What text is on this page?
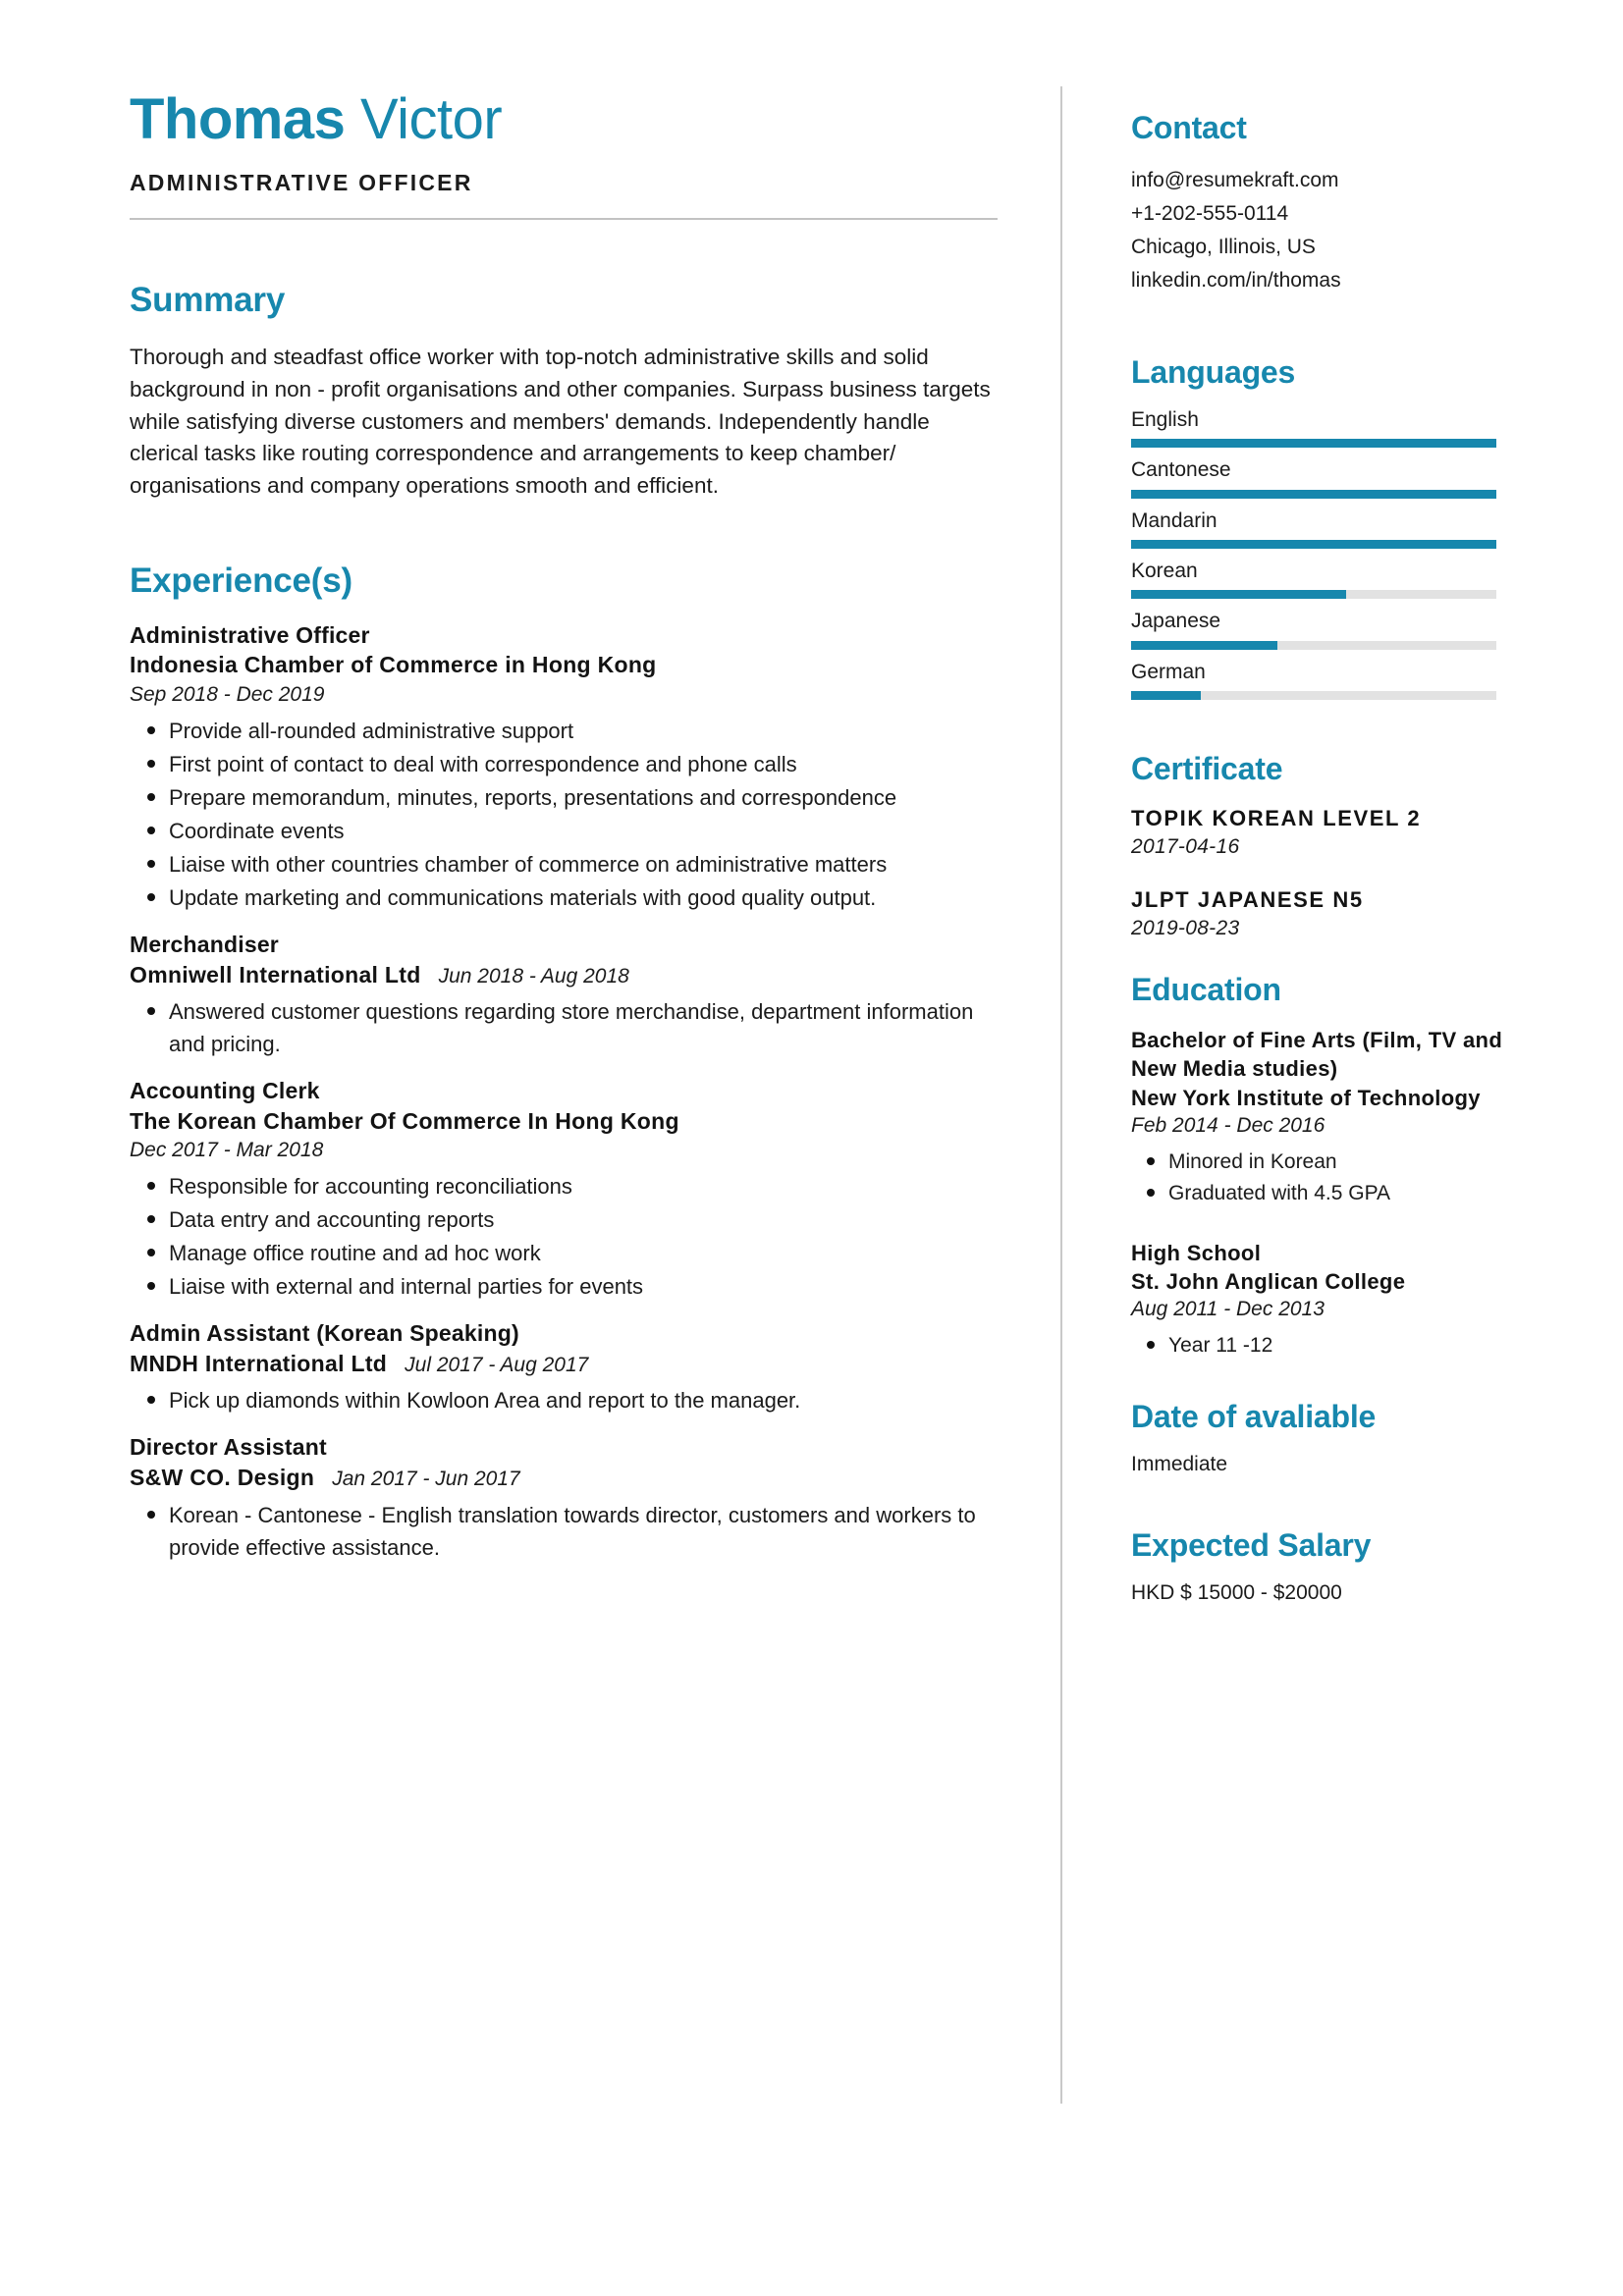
Thomas Victor
ADMINISTRATIVE OFFICER
Summary
Thorough and steadfast office worker with top-notch administrative skills and solid background in non - profit organisations and other companies. Surpass business targets while satisfying diverse customers and members' demands. Independently handle clerical tasks like routing correspondence and arrangements to keep chamber/ organisations and company operations smooth and efficient.
Experience(s)
Administrative Officer
Indonesia Chamber of Commerce in Hong Kong
Sep 2018 - Dec 2019
Provide all-rounded administrative support
First point of contact to deal with correspondence and phone calls
Prepare memorandum, minutes, reports, presentations and correspondence
Coordinate events
Liaise with other countries chamber of commerce on administrative matters
Update marketing and communications materials with good quality output.
Merchandiser
Omniwell International Ltd Jun 2018 - Aug 2018
Answered customer questions regarding store merchandise, department information and pricing.
Accounting Clerk
The Korean Chamber Of Commerce In Hong Kong
Dec 2017 - Mar 2018
Responsible for accounting reconciliations
Data entry and accounting reports
Manage office routine and ad hoc work
Liaise with external and internal parties for events
Admin Assistant (Korean Speaking)
MNDH International Ltd Jul 2017 - Aug 2017
Pick up diamonds within Kowloon Area and report to the manager.
Director Assistant
S&W CO. Design Jan 2017 - Jun 2017
Korean - Cantonese - English translation towards director, customers and workers to provide effective assistance.
Contact
info@resumekraft.com
+1-202-555-0114
Chicago, Illinois, US
linkedin.com/in/thomas
Languages
English
Cantonese
Mandarin
Korean
Japanese
German
Certificate
TOPIK KOREAN LEVEL 2
2017-04-16
JLPT JAPANESE N5
2019-08-23
Education
Bachelor of Fine Arts (Film, TV and New Media studies)
New York Institute of Technology
Feb 2014 - Dec 2016
Minored in Korean
Graduated with 4.5 GPA
High School
St. John Anglican College
Aug 2011 - Dec 2013
Year 11 -12
Date of avaliable
Immediate
Expected Salary
HKD $ 15000 - $20000
